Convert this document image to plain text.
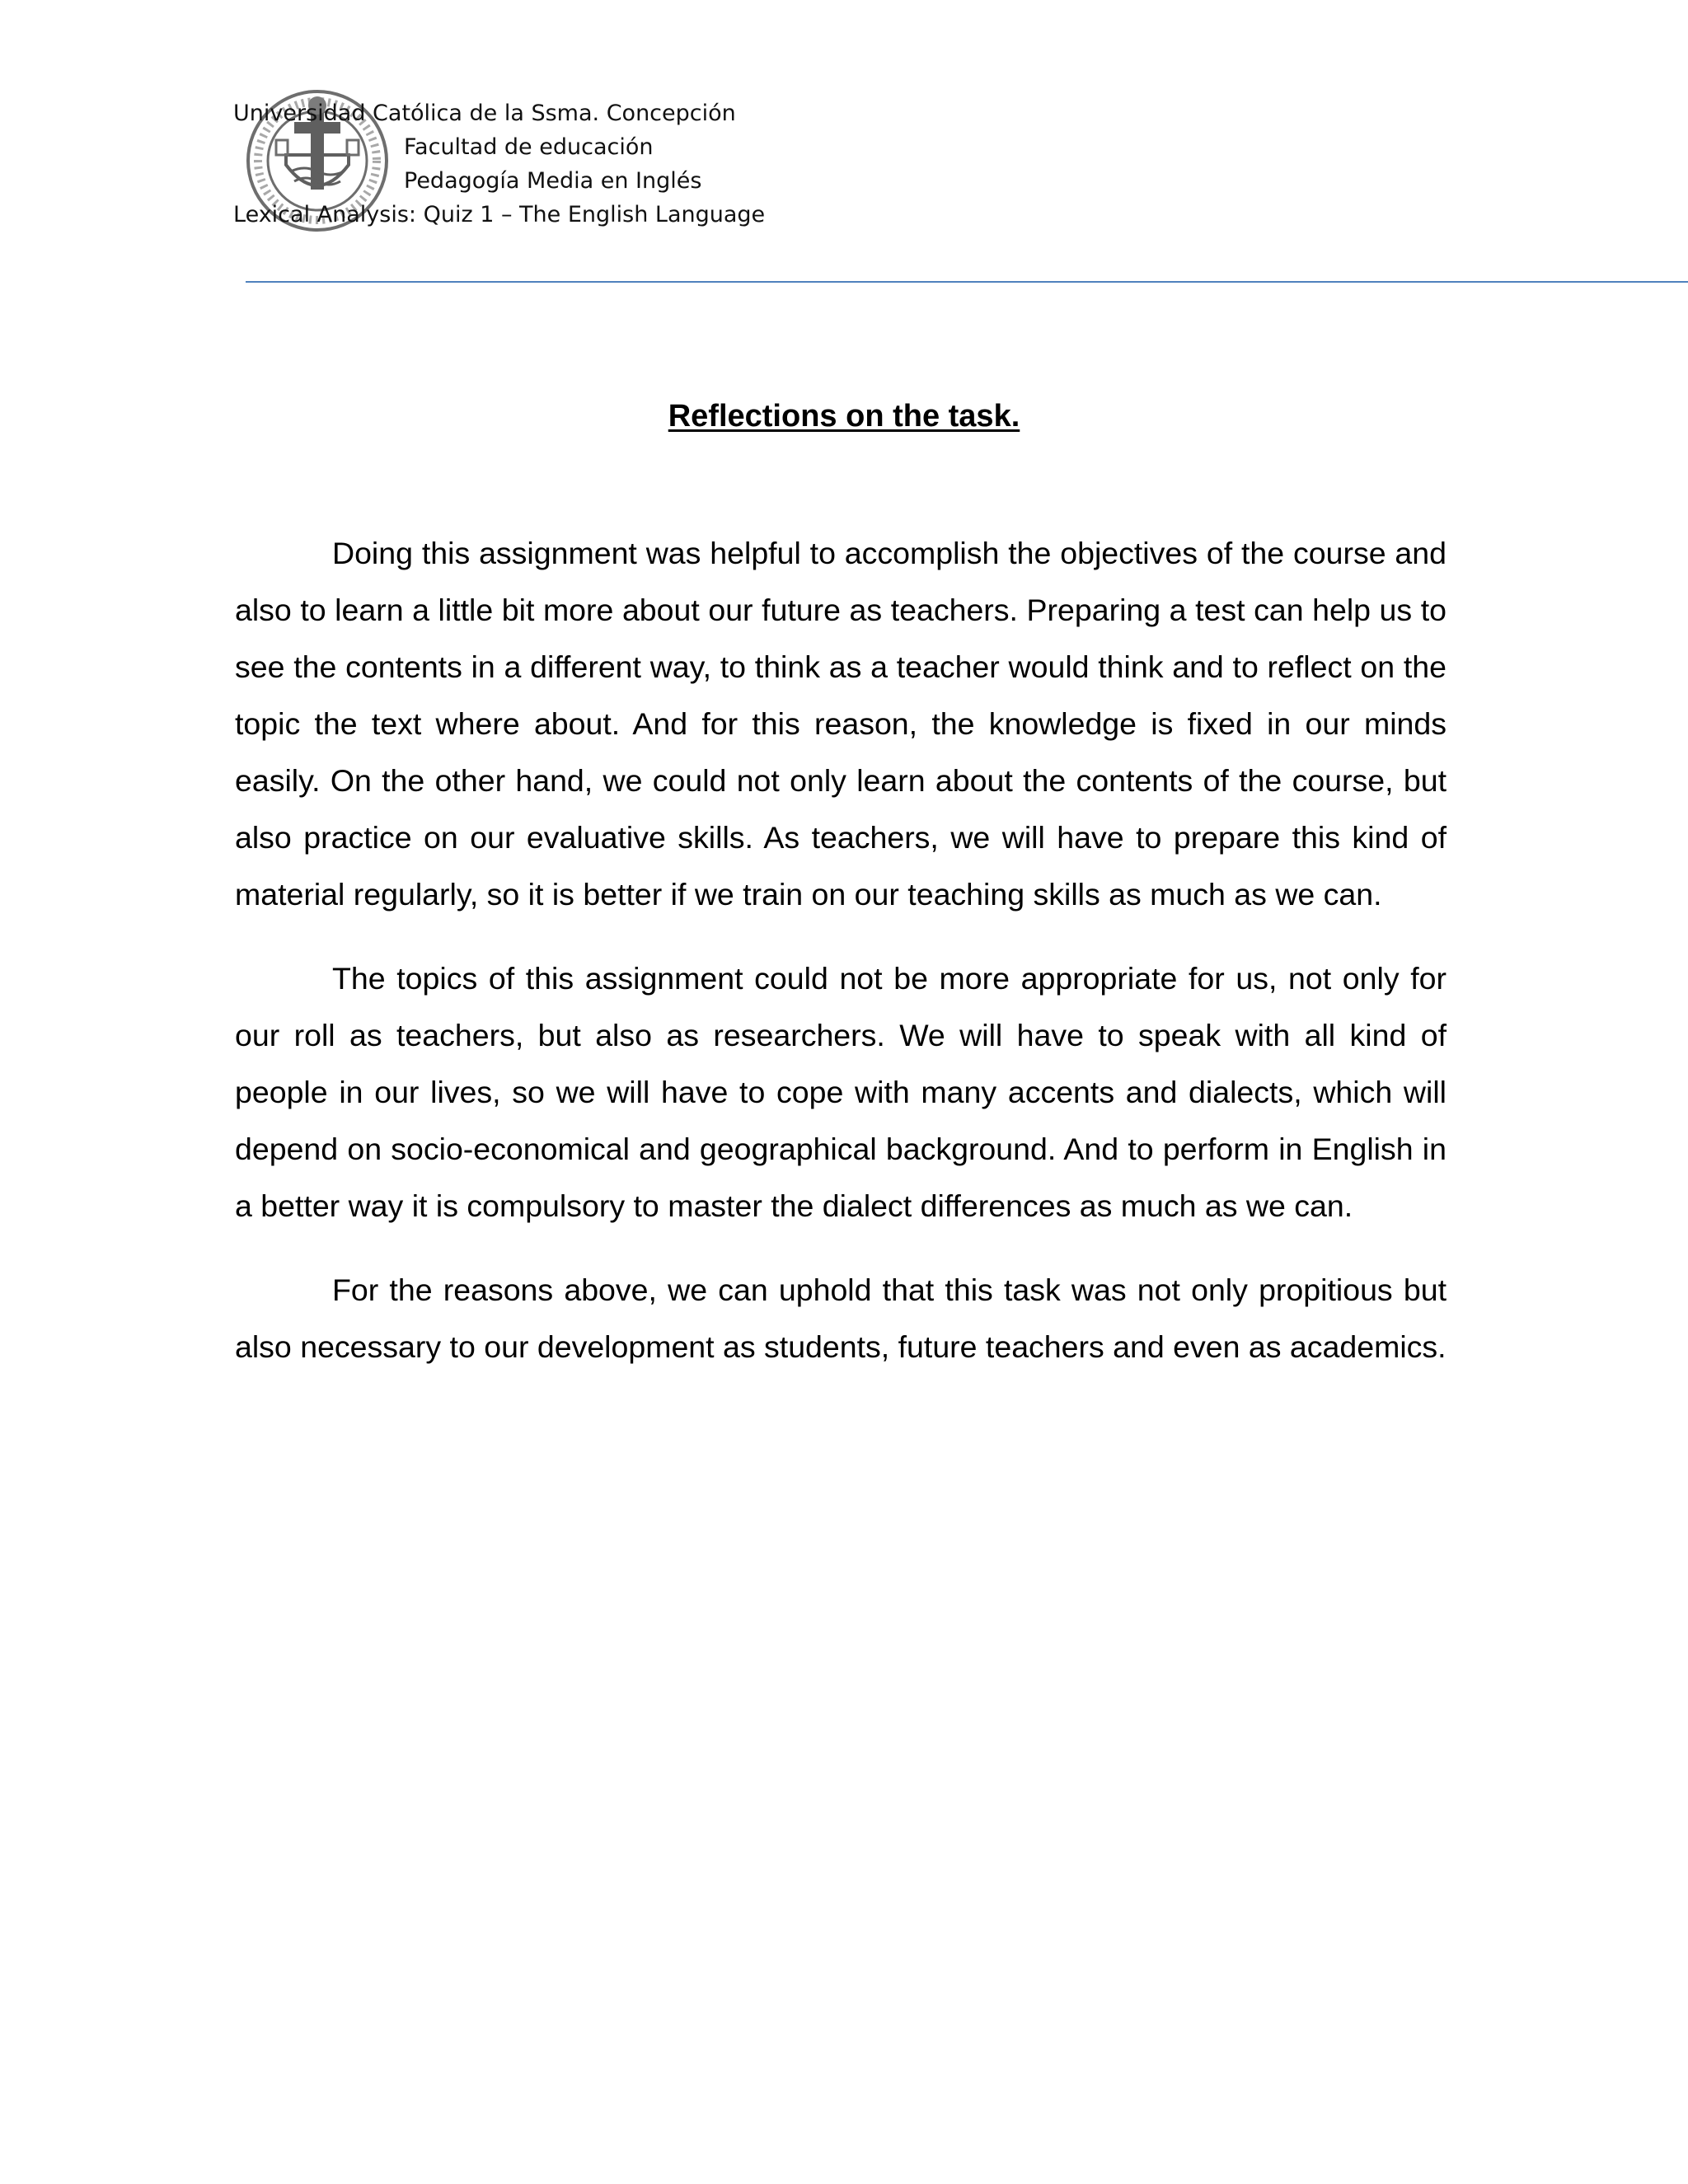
Universidad Católica de la Ssma. Concepción
Facultad de educación
Pedagogía Media en Inglés
Lexical Analysis: Quiz 1 – The English Language
Reflections on the task.

Doing this assignment was helpful to accomplish the objectives of the course and also to learn a little bit more about our future as teachers. Preparing a test can help us to see the contents in a different way, to think as a teacher would think and to reflect on the topic the text where about. And for this reason, the knowledge is fixed in our minds easily. On the other hand, we could not only learn about the contents of the course, but also practice on our evaluative skills. As teachers, we will have to prepare this kind of material regularly, so it is better if we train on our teaching skills as much as we can.

The topics of this assignment could not be more appropriate for us, not only for our roll as teachers, but also as researchers. We will have to speak with all kind of people in our lives, so we will have to cope with many accents and dialects, which will depend on socio-economical and geographical background. And to perform in English in a better way it is compulsory to master the dialect differences as much as we can.

For the reasons above, we can uphold that this task was not only propitious but also necessary to our development as students, future teachers and even as academics.
